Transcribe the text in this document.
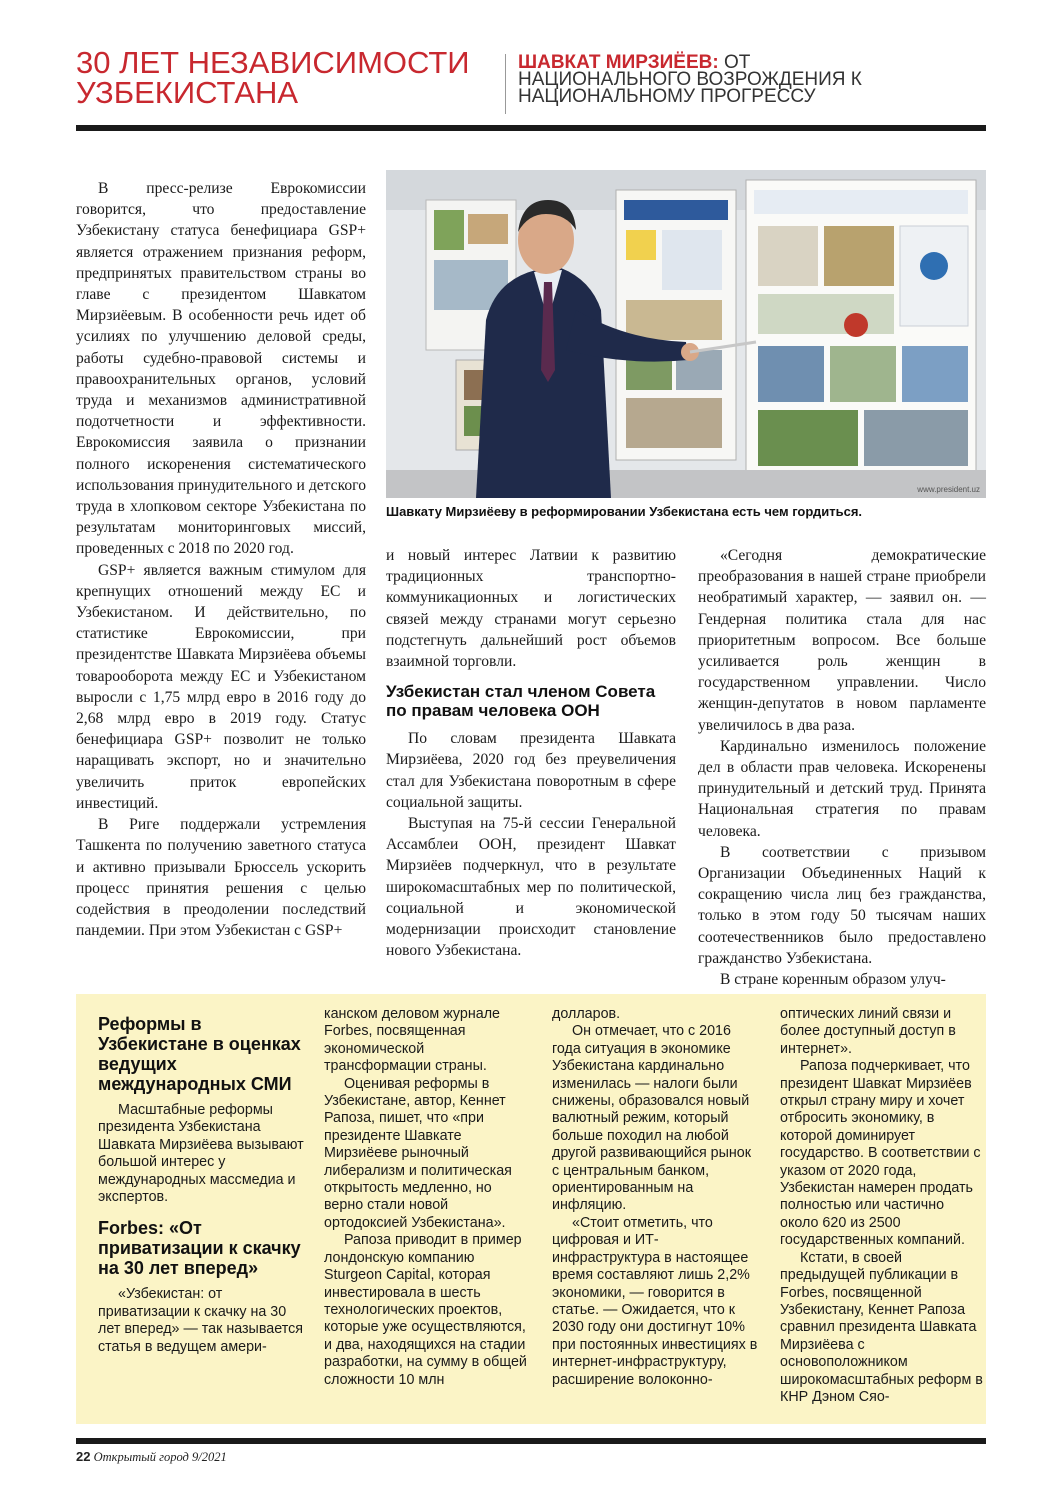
30 ЛЕТ НЕЗАВИСИМОСТИ
УЗБЕКИСТАНА
ШАВКАТ МИРЗИЁЕВ: ОТ
НАЦИОНАЛЬНОГО ВОЗРОЖДЕНИЯ К
НАЦИОНАЛЬНОМУ ПРОГРЕССУ
www.president.uz
Шавкату Мирзиёеву в реформировании Узбекистана есть чем гордиться.

В пресс-релизе Еврокомиссии говорится, что предоставление Узбекистану статуса бенефициара GSP+ является отражением признания реформ, предпринятых правительством страны во главе с президентом Шавкатом Мирзиёевым. В особенности речь идет об усилиях по улучшению деловой среды, работы судебно-правовой системы и правоохранительных органов, условий труда и механизмов административной подотчетности и эффективности. Еврокомиссия заявила о признании полного искоренения систематического использования принудительного и детского труда в хлопковом секторе Узбекистана по результатам мониторинговых миссий, проведенных с 2018 по 2020 год.

GSP+ является важным стимулом для крепнущих отношений между ЕС и Узбекистаном. И действительно, по статистике Еврокомиссии, при президентстве Шавката Мирзиёева объемы товарооборота между ЕС и Узбекистаном выросли с 1,75 млрд евро в 2016 году до 2,68 млрд евро в 2019 году. Статус бенефициара GSP+ позволит не только наращивать экспорт, но и значительно увеличить приток европейских инвестиций.

В Риге поддержали устремления Ташкента по получению заветного статуса и активно призывали Брюссель ускорить процесс принятия решения с целью содействия в преодолении последствий пандемии. При этом Узбекистан с GSP+

и новый интерес Латвии к развитию традиционных транспортно-коммуникационных и логистических связей между странами могут серьезно подстегнуть дальнейший рост объемов взаимной торговли.

Узбекистан стал членом Совета по правам человека ООН

По словам президента Шавката Мирзиёева, 2020 год без преувеличения стал для Узбекистана поворотным в сфере социальной защиты.

Выступая на 75-й сессии Генеральной Ассамблеи ООН, президент Шавкат Мирзиёев подчеркнул, что в результате широкомасштабных мер по политической, социальной и экономической модернизации происходит становление нового Узбекистана.

«Сегодня демократические преобразования в нашей стране приобрели необратимый характер, — заявил он. — Гендерная политика стала для нас приоритетным вопросом. Все больше усиливается роль женщин в государственном управлении. Число женщин-депутатов в новом парламенте увеличилось в два раза.

Кардинально изменилось положение дел в области прав человека. Искоренены принудительный и детский труд. Принята Национальная стратегия по правам человека.

В соответствии с призывом Организации Объединенных Наций к сокращению числа лиц без гражданства, только в этом году 50 тысячам наших соотечественников было предоставлено гражданство Узбекистана.

В стране коренным образом улуч-

Реформы в Узбекистане в оценках ведущих международных СМИ

Масштабные реформы президента Узбекистана Шавката Мирзиёева вызывают большой интерес у международных массмедиа и экспертов.

Forbes: «От приватизации к скачку на 30 лет вперед»

«Узбекистан: от приватизации к скачку на 30 лет вперед» — так называется статья в ведущем амери-

канском деловом журнале Forbes, посвященная экономической трансформации страны.

Оценивая реформы в Узбекистане, автор, Кеннет Рапоза, пишет, что «при президенте Шавкате Мирзиёеве рыночный либерализм и политическая открытость медленно, но верно стали новой ортодоксией Узбекистана».

Рапоза приводит в пример лондонскую компанию Sturgeon Capital, которая инвестировала в шесть технологических проектов, которые уже осуществляются, и два, находящихся на стадии разработки, на сумму в общей сложности 10 млн

долларов.

Он отмечает, что с 2016 года ситуация в экономике Узбекистана кардинально изменилась — налоги были снижены, образовался новый валютный режим, который больше походил на любой другой развивающийся рынок с центральным банком, ориентированным на инфляцию.

«Стоит отметить, что цифровая и ИТ-инфраструктура в настоящее время составляют лишь 2,2% экономики, — говорится в статье. — Ожидается, что к 2030 году они достигнут 10% при постоянных инвестициях в интернет-инфраструктуру, расширение волоконно-

оптических линий связи и более доступный доступ в интернет».

Рапоза подчеркивает, что президент Шавкат Мирзиёев открыл страну миру и хочет отбросить экономику, в которой доминирует государство. В соответствии с указом от 2020 года, Узбекистан намерен продать полностью или частично около 620 из 2500 государственных компаний.

Кстати, в своей предыдущей публикации в Forbes, посвященной Узбекистану, Кеннет Рапоза сравнил президента Шавката Мирзиёева с основоположником широкомасштабных реформ в КНР Дэном Сяо-

22 Открытый город 9/2021
